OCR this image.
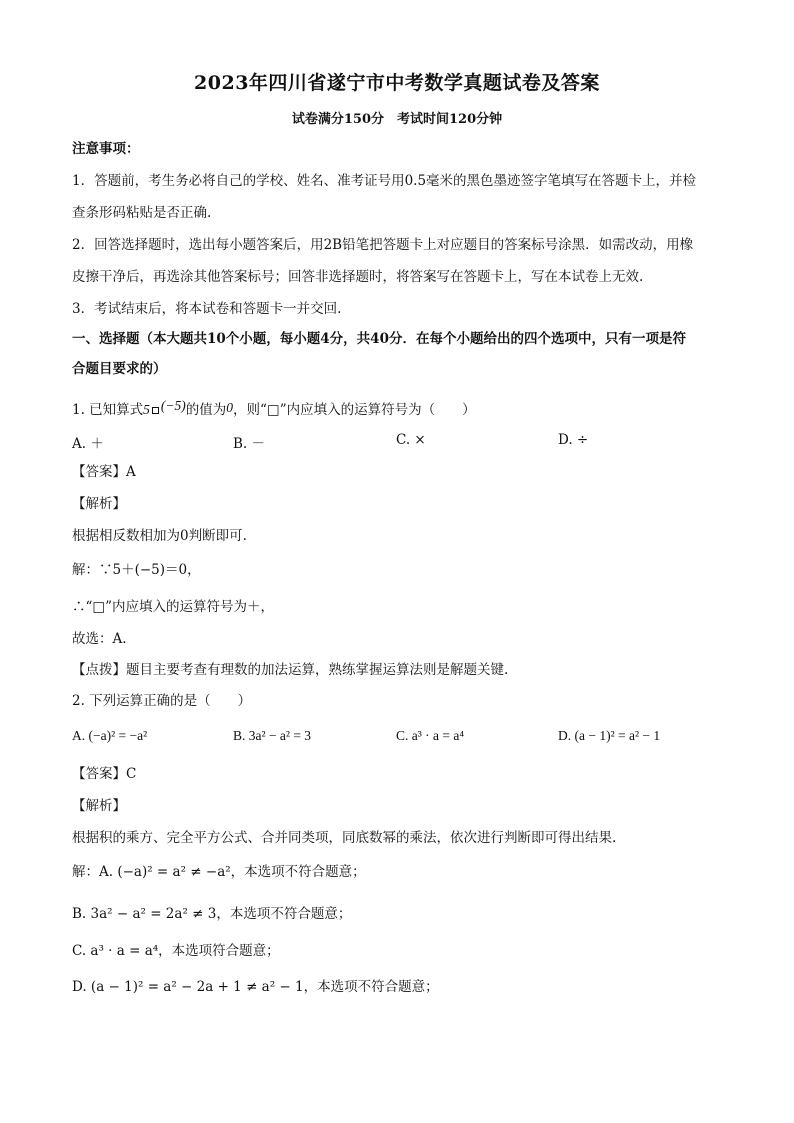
2023年四川省遂宁市中考数学真题试卷及答案
试卷满分150分　考试时间120分钟
注意事项：
1．答题前，考生务必将自己的学校、姓名、准考证号用0.5毫米的黑色墨迹签字笔填写在答题卡上，并检
查条形码粘贴是否正确.
2．回答选择题时，选出每小题答案后，用2B铅笔把答题卡上对应题目的答案标号涂黑．如需改动，用橡
皮擦干净后，再选涂其他答案标号；回答非选择题时，将答案写在答题卡上，写在本试卷上无效.
3．考试结束后，将本试卷和答题卡一并交回.
一、选择题（本大题共10个小题，每小题4分，共40分．在每个小题给出的四个选项中，只有一项是符
合题目要求的）
1. 已知算式5 (−5)的值为0，则“□”内应填入的运算符号为（　　）
A. ＋	B. －	C. ×	D. ÷
【答案】A
【解析】
根据相反数相加为0判断即可.
解：∵5＋(−5)＝0，
∴“□”内应填入的运算符号为＋，
故选：A.
【点拨】题目主要考查有理数的加法运算，熟练掌握运算法则是解题关键.
2. 下列运算正确的是（　　）
A. (−a)² = −a²	B. 3a² − a² = 3	C. a³ · a = a⁴	D. (a − 1)² = a² − 1
【答案】C
【解析】
根据积的乘方、完全平方公式、合并同类项，同底数幂的乘法，依次进行判断即可得出结果.
解：A. (−a)² = a² ≠ −a²，本选项不符合题意；
B. 3a² − a² = 2a² ≠ 3，本选项不符合题意；
C. a³ · a = a⁴，本选项符合题意；
D. (a − 1)² = a² − 2a + 1 ≠ a² − 1，本选项不符合题意；
